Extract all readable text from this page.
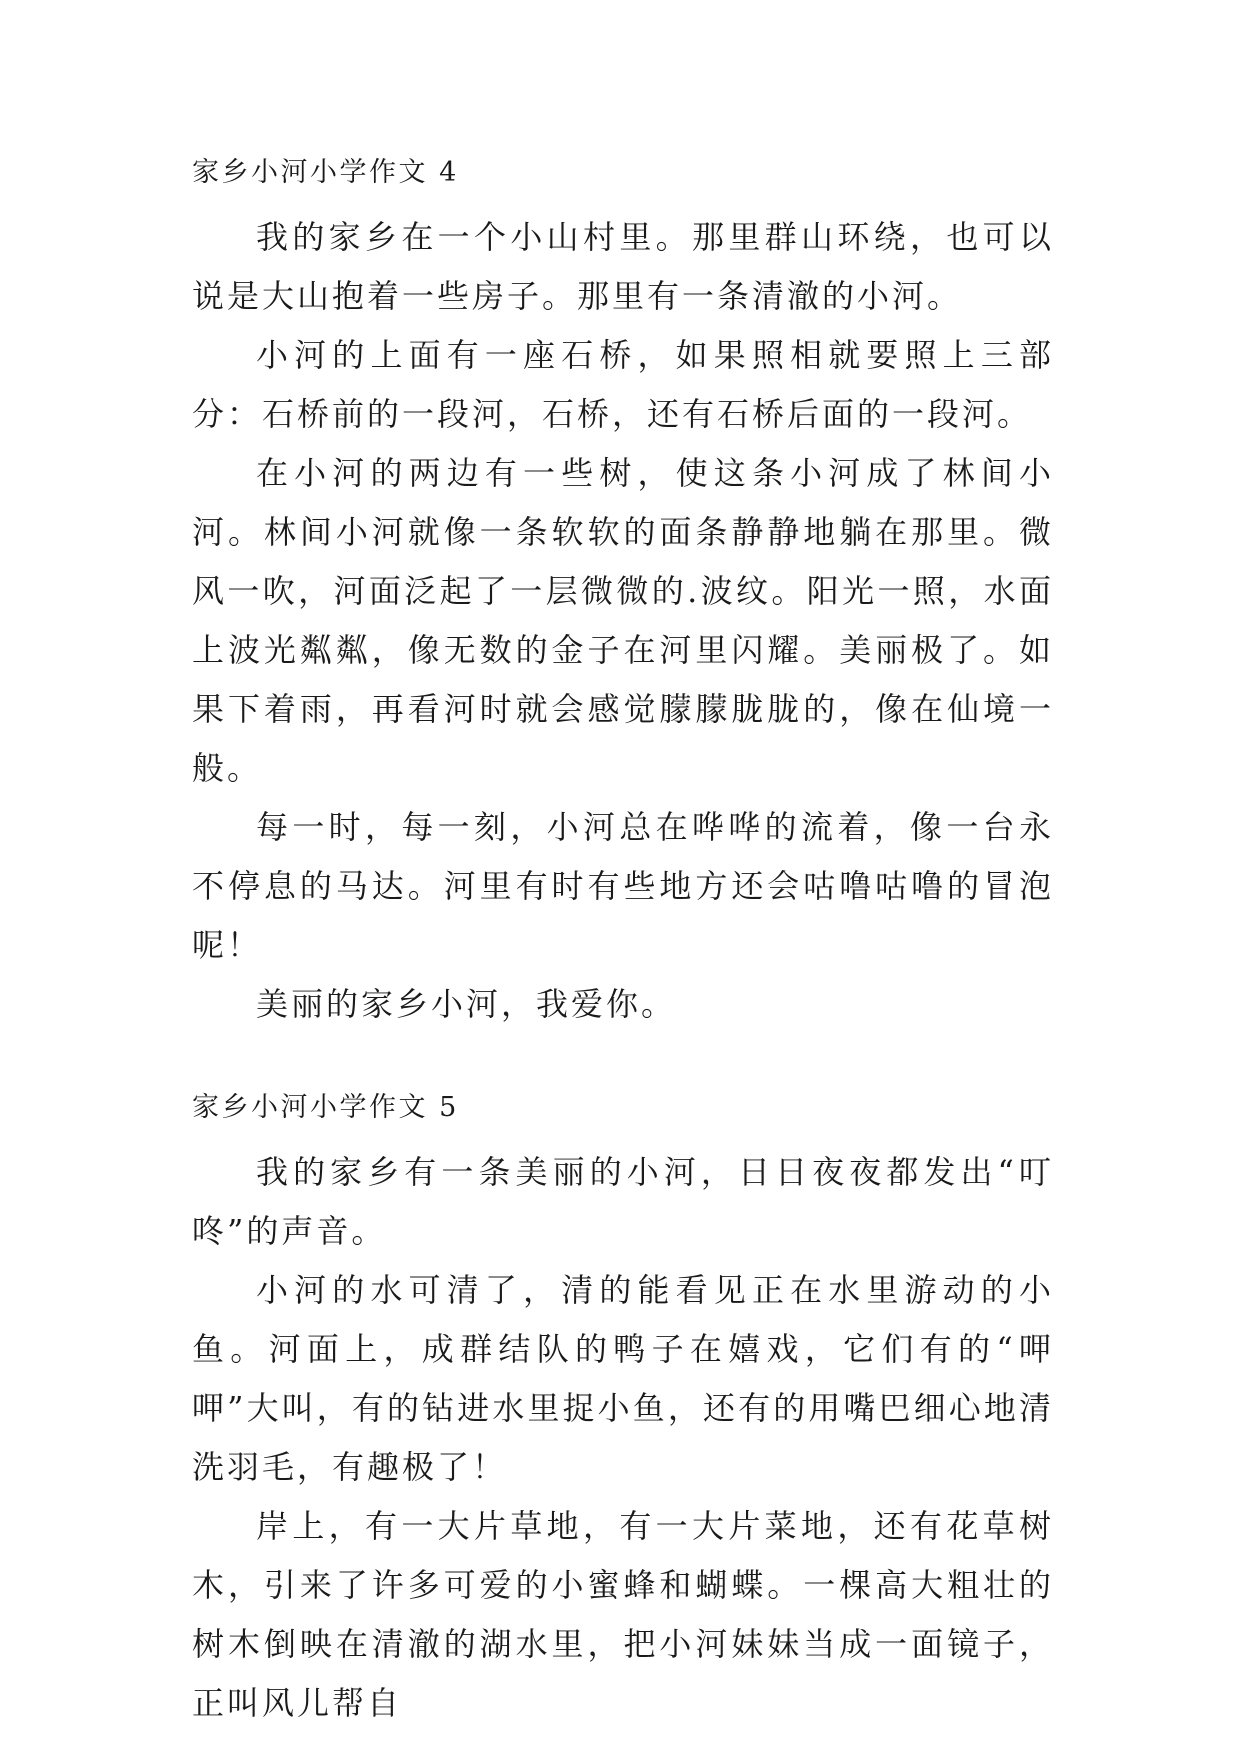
家乡小河小学作文 4

我的家乡在一个小山村里。那里群山环绕，也可以说是大山抱着一些房子。那里有一条清澈的小河。

小河的上面有一座石桥，如果照相就要照上三部分：石桥前的一段河，石桥，还有石桥后面的一段河。

在小河的两边有一些树，使这条小河成了林间小河。林间小河就像一条软软的面条静静地躺在那里。微风一吹，河面泛起了一层微微的.波纹。阳光一照，水面上波光粼粼，像无数的金子在河里闪耀。美丽极了。如果下着雨，再看河时就会感觉朦朦胧胧的，像在仙境一般。

每一时，每一刻，小河总在哗哗的流着，像一台永不停息的马达。河里有时有些地方还会咕噜咕噜的冒泡呢！

美丽的家乡小河，我爱你。

家乡小河小学作文 5

我的家乡有一条美丽的小河，日日夜夜都发出“叮咚”的声音。

小河的水可清了，清的能看见正在水里游动的小鱼。河面上，成群结队的鸭子在嬉戏，它们有的“呷呷”大叫，有的钻进水里捉小鱼，还有的用嘴巴细心地清洗羽毛，有趣极了！

岸上，有一大片草地，有一大片菜地，还有花草树木，引来了许多可爱的小蜜蜂和蝴蝶。一棵高大粗壮的树木倒映在清澈的湖水里，把小河妹妹当成一面镜子，正叫风儿帮自
